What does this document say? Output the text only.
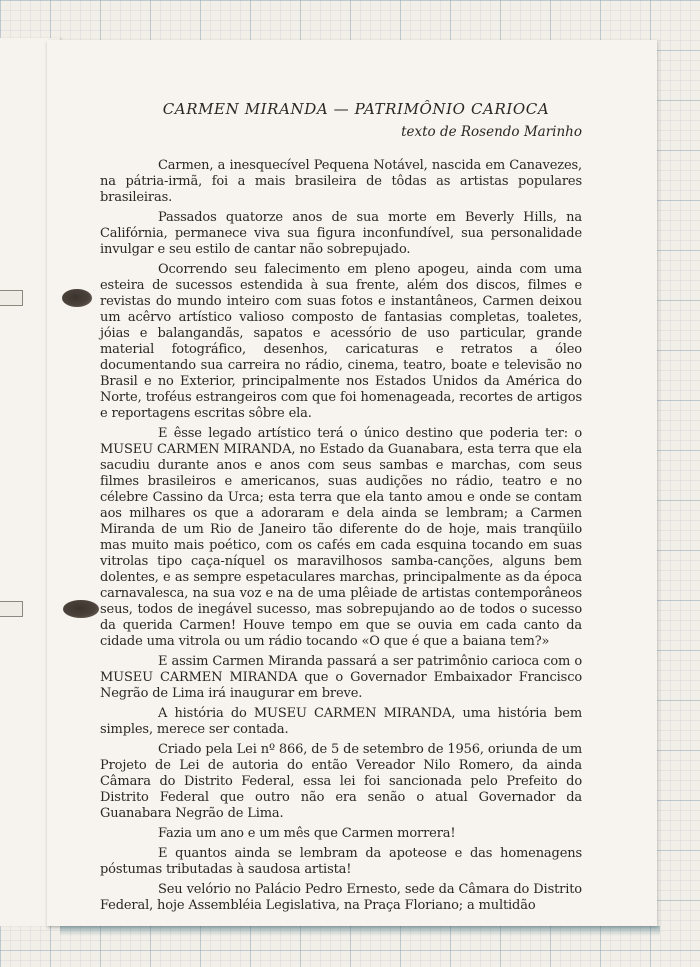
CARMEN MIRANDA — PATRIMÔNIO CARIOCA
texto de Rosendo Marinho

Carmen, a inesquecível Pequena Notável, nascida em Canavezes, na pátria-irmã, foi a mais brasileira de tôdas as artistas populares brasileiras.

Passados quatorze anos de sua morte em Beverly Hills, na Califórnia, permanece viva sua figura inconfundível, sua personalidade invulgar e seu estilo de cantar não sobrepujado.

Ocorrendo seu falecimento em pleno apogeu, ainda com uma esteira de sucessos estendida à sua frente, além dos discos, filmes e revistas do mundo inteiro com suas fotos e instantâneos, Carmen deixou um acêrvo artístico valioso composto de fantasias completas, toaletes, jóias e balangandãs, sapatos e acessório de uso particular, grande material fotográfico, desenhos, caricaturas e retratos a óleo documentando sua carreira no rádio, cinema, teatro, boate e televisão no Brasil e no Exterior, principalmente nos Estados Unidos da América do Norte, troféus estrangeiros com que foi homenageada, recortes de artigos e reportagens escritas sôbre ela.

E êsse legado artístico terá o único destino que poderia ter: o MUSEU CARMEN MIRANDA, no Estado da Guanabara, esta terra que ela sacudiu durante anos e anos com seus sambas e marchas, com seus filmes brasileiros e americanos, suas audições no rádio, teatro e no célebre Cassino da Urca; esta terra que ela tanto amou e onde se contam aos milhares os que a adoraram e dela ainda se lembram; a Carmen Miranda de um Rio de Janeiro tão diferente do de hoje, mais tranqüilo mas muito mais poético, com os cafés em cada esquina tocando em suas vitrolas tipo caça-níquel os maravilhosos samba-canções, alguns bem dolentes, e as sempre espetaculares marchas, principalmente as da época carnavalesca, na sua voz e na de uma plêiade de artistas contemporâneos seus, todos de inegável sucesso, mas sobrepujando ao de todos o sucesso da querida Carmen! Houve tempo em que se ouvia em cada canto da cidade uma vitrola ou um rádio tocando «O que é que a baiana tem?»

E assim Carmen Miranda passará a ser patrimônio carioca com o MUSEU CARMEN MIRANDA que o Governador Embaixador Francisco Negrão de Lima irá inaugurar em breve.

A história do MUSEU CARMEN MIRANDA, uma história bem simples, merece ser contada.

Criado pela Lei nº 866, de 5 de setembro de 1956, oriunda de um Projeto de Lei de autoria do então Vereador Nilo Romero, da ainda Câmara do Distrito Federal, essa lei foi sancionada pelo Prefeito do Distrito Federal que outro não era senão o atual Governador da Guanabara Negrão de Lima.

Fazia um ano e um mês que Carmen morrera!

E quantos ainda se lembram da apoteose e das homenagens póstumas tributadas à saudosa artista!

Seu velório no Palácio Pedro Ernesto, sede da Câmara do Distrito Federal, hoje Assembléia Legislativa, na Praça Floriano; a multidão
